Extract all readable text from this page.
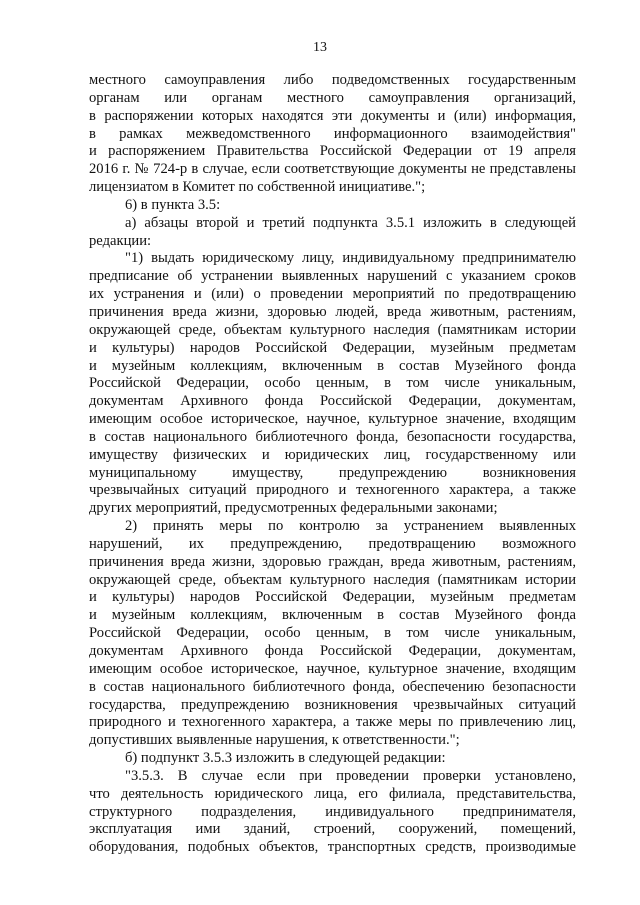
13
местного самоуправления либо подведомственных государственным
органам или органам местного самоуправления организаций,
в распоряжении которых находятся эти документы и (или) информация,
в рамках межведомственного информационного взаимодействия"
и распоряжением Правительства Российской Федерации от 19 апреля
2016 г. № 724-р в случае, если соответствующие документы не представлены
лицензиатом в Комитет по собственной инициативе.";
6) в пункта 3.5:
а) абзацы второй и третий подпункта 3.5.1 изложить в следующей
редакции:
"1) выдать юридическому лицу, индивидуальному предпринимателю
предписание об устранении выявленных нарушений с указанием сроков
их устранения и (или) о проведении мероприятий по предотвращению
причинения вреда жизни, здоровью людей, вреда животным, растениям,
окружающей среде, объектам культурного наследия (памятникам истории
и культуры) народов Российской Федерации, музейным предметам
и музейным коллекциям, включенным в состав Музейного фонда
Российской Федерации, особо ценным, в том числе уникальным,
документам Архивного фонда Российской Федерации, документам,
имеющим особое историческое, научное, культурное значение, входящим
в состав национального библиотечного фонда, безопасности государства,
имуществу физических и юридических лиц, государственному или
муниципальному имуществу, предупреждению возникновения
чрезвычайных ситуаций природного и техногенного характера, а также
других мероприятий, предусмотренных федеральными законами;
2) принять меры по контролю за устранением выявленных
нарушений, их предупреждению, предотвращению возможного
причинения вреда жизни, здоровью граждан, вреда животным, растениям,
окружающей среде, объектам культурного наследия (памятникам истории
и культуры) народов Российской Федерации, музейным предметам
и музейным коллекциям, включенным в состав Музейного фонда
Российской Федерации, особо ценным, в том числе уникальным,
документам Архивного фонда Российской Федерации, документам,
имеющим особое историческое, научное, культурное значение, входящим
в состав национального библиотечного фонда, обеспечению безопасности
государства, предупреждению возникновения чрезвычайных ситуаций
природного и техногенного характера, а также меры по привлечению лиц,
допустивших выявленные нарушения, к ответственности.";
б) подпункт 3.5.3 изложить в следующей редакции:
"3.5.3. В случае если при проведении проверки установлено,
что деятельность юридического лица, его филиала, представительства,
структурного подразделения, индивидуального предпринимателя,
эксплуатация ими зданий, строений, сооружений, помещений,
оборудования, подобных объектов, транспортных средств, производимые
